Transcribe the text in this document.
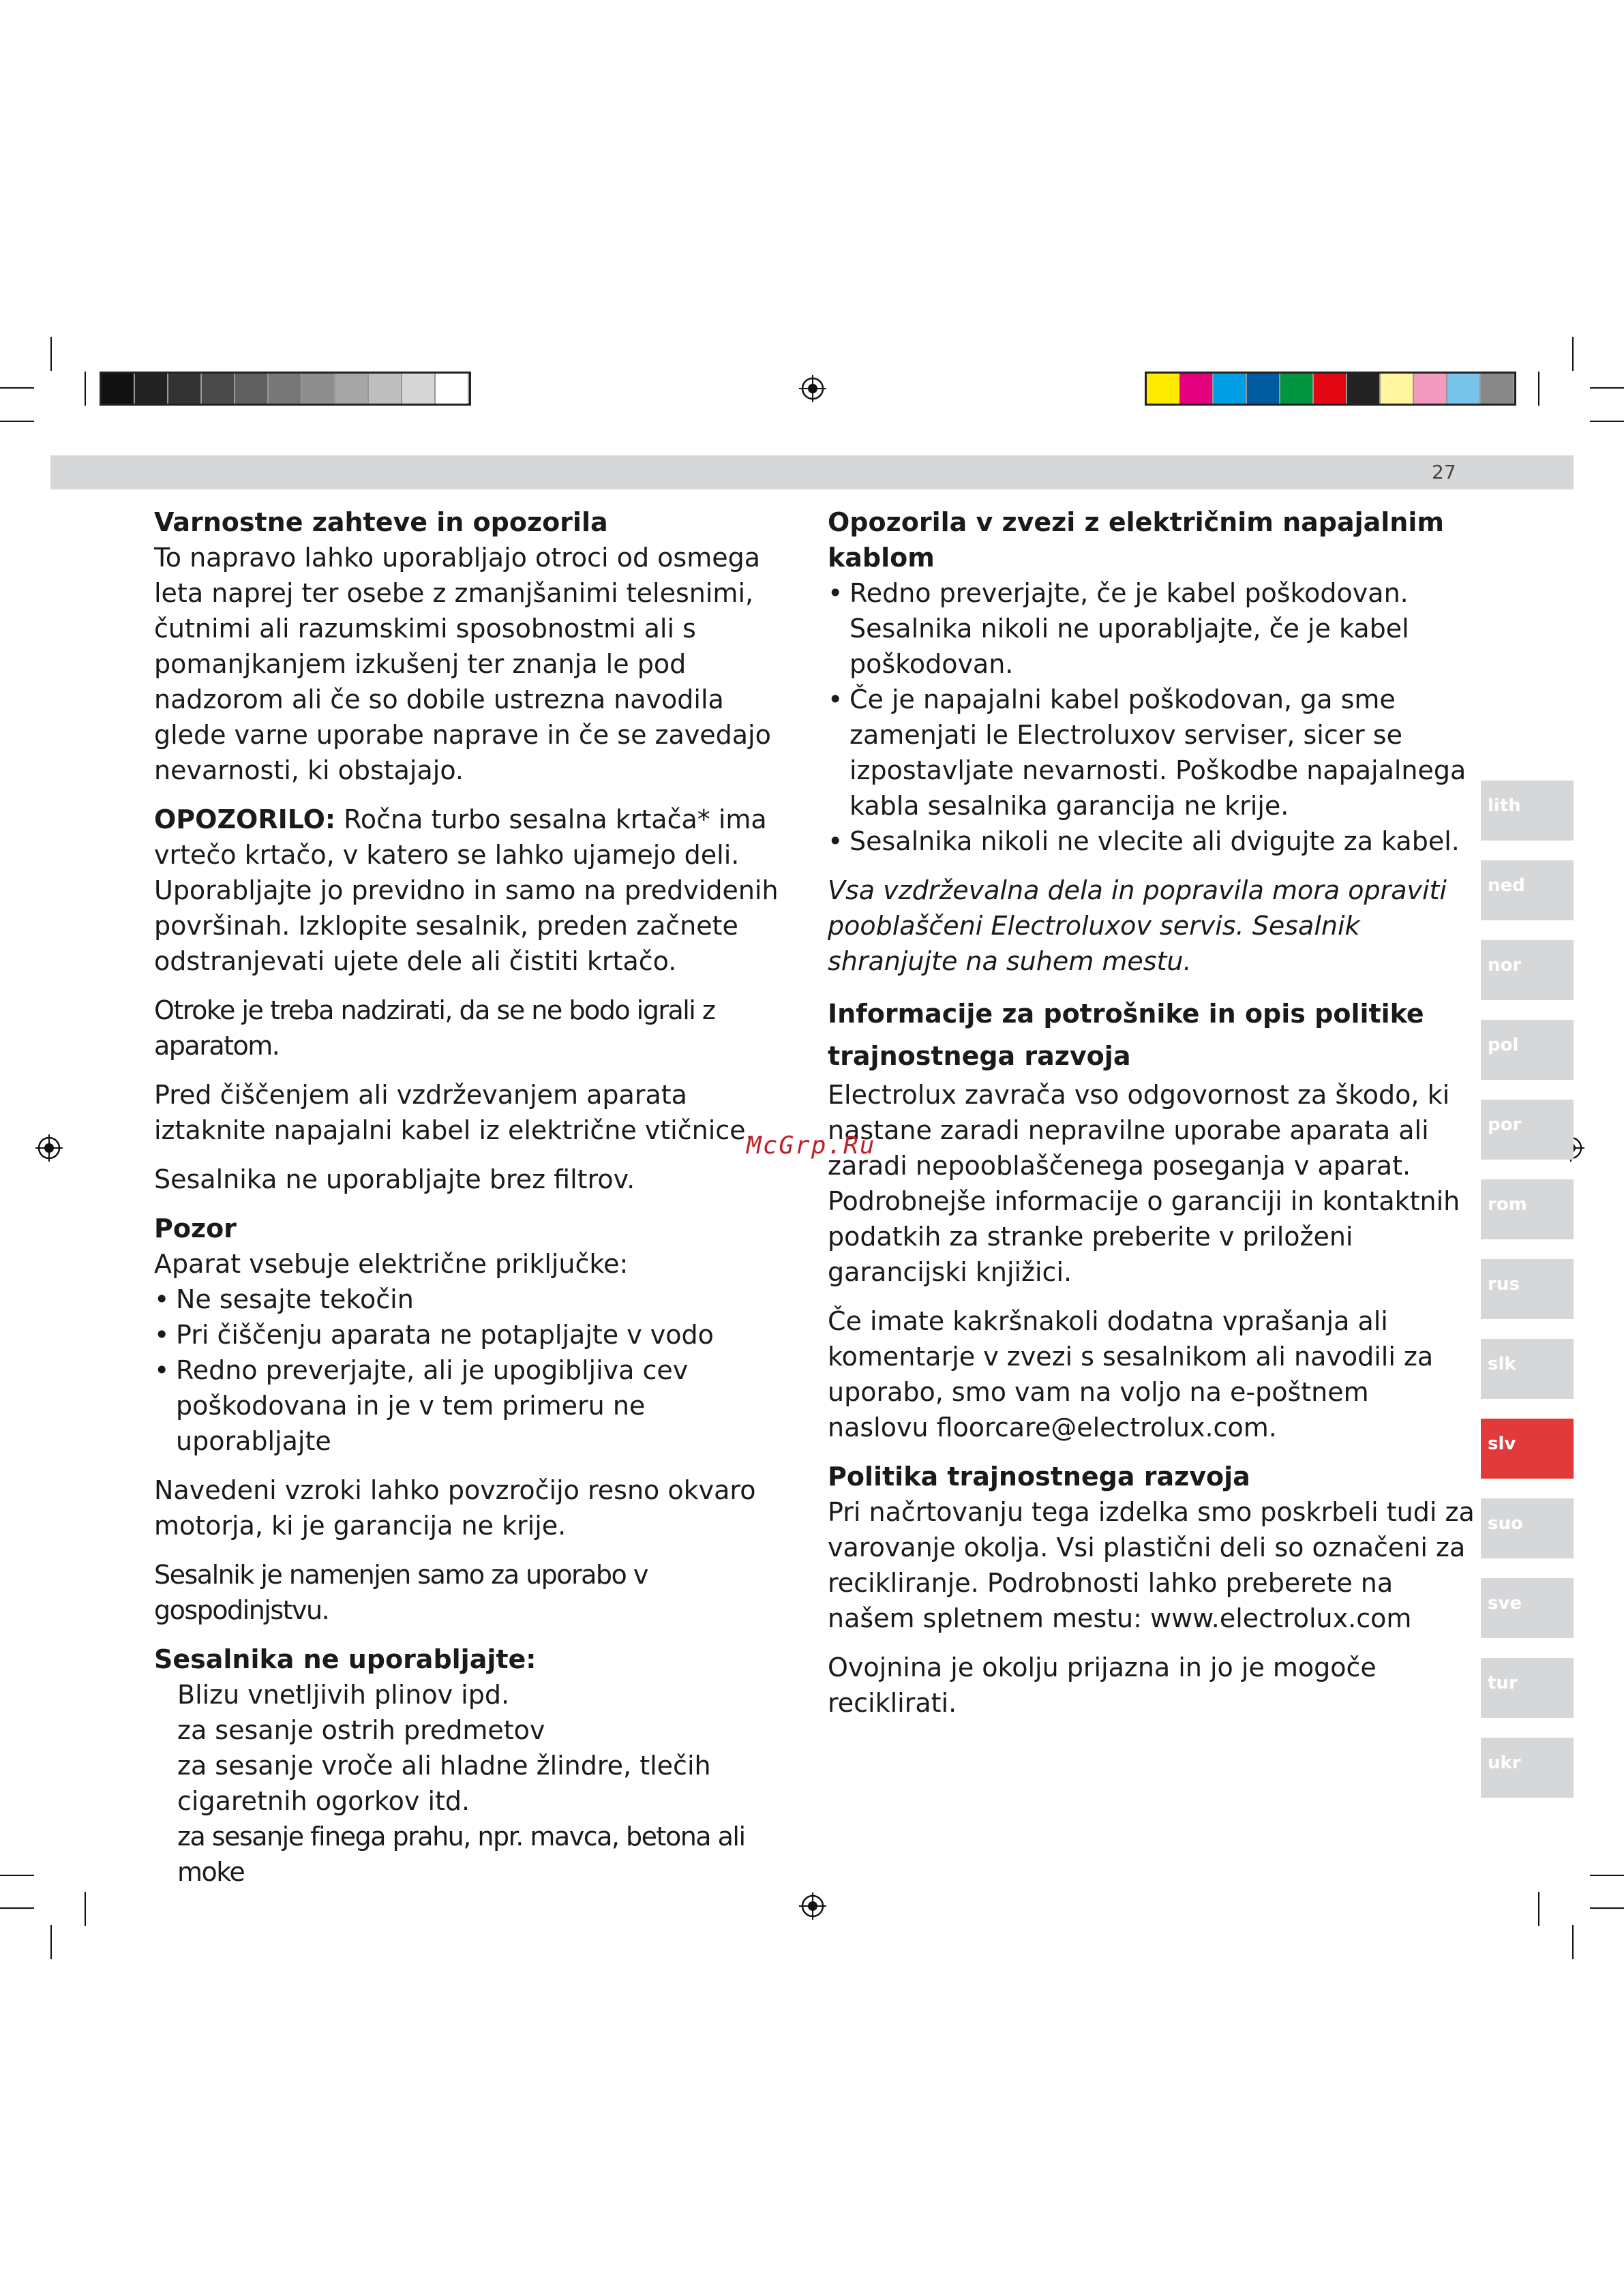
27
Varnostne zahteve in opozorila

To napravo lahko uporabljajo otroci od osmega leta naprej ter osebe z zmanjšanimi telesnimi, čutnimi ali razumskimi sposobnostmi ali s pomanjkanjem izkušenj ter znanja le pod nadzorom ali če so dobile ustrezna navodila glede varne uporabe naprave in če se zavedajo nevarnosti, ki obstajajo.

OPOZORILO: Ročna turbo sesalna krtača* ima vrtečo krtačo, v katero se lahko ujamejo deli. Uporabljajte jo previdno in samo na predvidenih površinah. Izklopite sesalnik, preden začnete odstranjevati ujete dele ali čistiti krtačo.

Otroke je treba nadzirati, da se ne bodo igrali z aparatom.

Pred čiščenjem ali vzdrževanjem aparata iztaknite napajalni kabel iz električne vtičnice.

Sesalnika ne uporabljajte brez filtrov.

Pozor
Aparat vsebuje električne priključke:
• Ne sesajte tekočin
• Pri čiščenju aparata ne potapljajte v vodo
• Redno preverjajte, ali je upogibljiva cev poškodovana in je v tem primeru ne uporabljajte

Navedeni vzroki lahko povzročijo resno okvaro motorja, ki je garancija ne krije.

Sesalnik je namenjen samo za uporabo v gospodinjstvu.

Sesalnika ne uporabljajte:
Blizu vnetljivih plinov ipd.
za sesanje ostrih predmetov
za sesanje vroče ali hladne žlindre, tlečih cigaretnih ogorkov itd.
za sesanje finega prahu, npr. mavca, betona ali moke
Opozorila v zvezi z električnim napajalnim kablom
• Redno preverjajte, če je kabel poškodovan. Sesalnika nikoli ne uporabljajte, če je kabel poškodovan.
• Če je napajalni kabel poškodovan, ga sme zamenjati le Electroluxov serviser, sicer se izpostavljate nevarnosti. Poškodbe napajalnega kabla sesalnika garancija ne krije.
• Sesalnika nikoli ne vlecite ali dvigujte za kabel.

Vsa vzdrževalna dela in popravila mora opraviti pooblaščeni Electroluxov servis. Sesalnik shranjujte na suhem mestu.

Informacije za potrošnike in opis politike trajnostnega razvoja

Electrolux zavrača vso odgovornost za škodo, ki nastane zaradi nepravilne uporabe aparata ali zaradi nepooblaščenega poseganja v aparat. Podrobnejše informacije o garanciji in kontaktnih podatkih za stranke preberite v priloženi garancijski knjižici.

Če imate kakršnakoli dodatna vprašanja ali komentarje v zvezi s sesalnikom ali navodili za uporabo, smo vam na voljo na e-poštnem naslovu floorcare@electrolux.com.

Politika trajnostnega razvoja

Pri načrtovanju tega izdelka smo poskrbeli tudi za varovanje okolja. Vsi plastični deli so označeni za recikliranje. Podrobnosti lahko preberete na našem spletnem mestu: www.electrolux.com

Ovojnina je okolju prijazna in jo je mogoče reciklirati.

McGrp.Ru
lith
ned
nor
pol
por
rom
rus
slk
slv
suo
sve
tur
ukr
